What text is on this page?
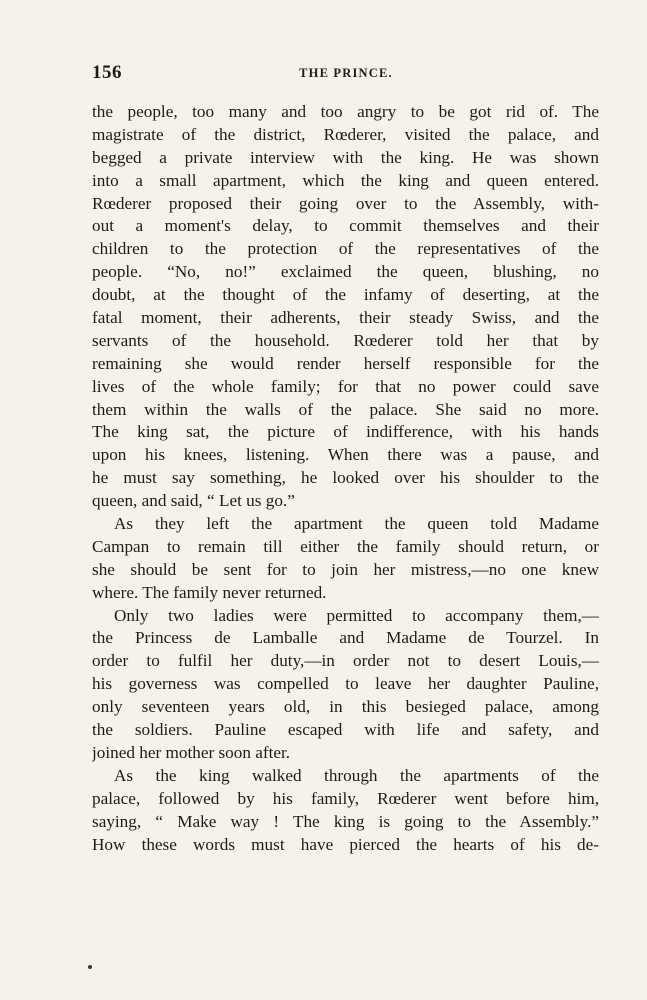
156	THE PRINCE.
the people, too many and too angry to be got rid of. The
magistrate of the district, Rœderer, visited the palace, and
begged a private interview with the king. He was shown
into a small apartment, which the king and queen entered.
Rœderer proposed their going over to the Assembly, with-
out a moment's delay, to commit themselves and their
children to the protection of the representatives of the
people. “No, no!” exclaimed the queen, blushing, no
doubt, at the thought of the infamy of deserting, at the
fatal moment, their adherents, their steady Swiss, and the
servants of the household. Rœderer told her that by
remaining she would render herself responsible for the
lives of the whole family; for that no power could save
them within the walls of the palace. She said no more.
The king sat, the picture of indifference, with his hands
upon his knees, listening. When there was a pause, and
he must say something, he looked over his shoulder to the
queen, and said, “ Let us go.”
As they left the apartment the queen told Madame
Campan to remain till either the family should return, or
she should be sent for to join her mistress,—no one knew
where. The family never returned.
Only two ladies were permitted to accompany them,—
the Princess de Lamballe and Madame de Tourzel. In
order to fulfil her duty,—in order not to desert Louis,—
his governess was compelled to leave her daughter Pauline,
only seventeen years old, in this besieged palace, among
the soldiers. Pauline escaped with life and safety, and
joined her mother soon after.
As the king walked through the apartments of the
palace, followed by his family, Rœderer went before him,
saying, “ Make way ! The king is going to the Assembly.”
How these words must have pierced the hearts of his de-
